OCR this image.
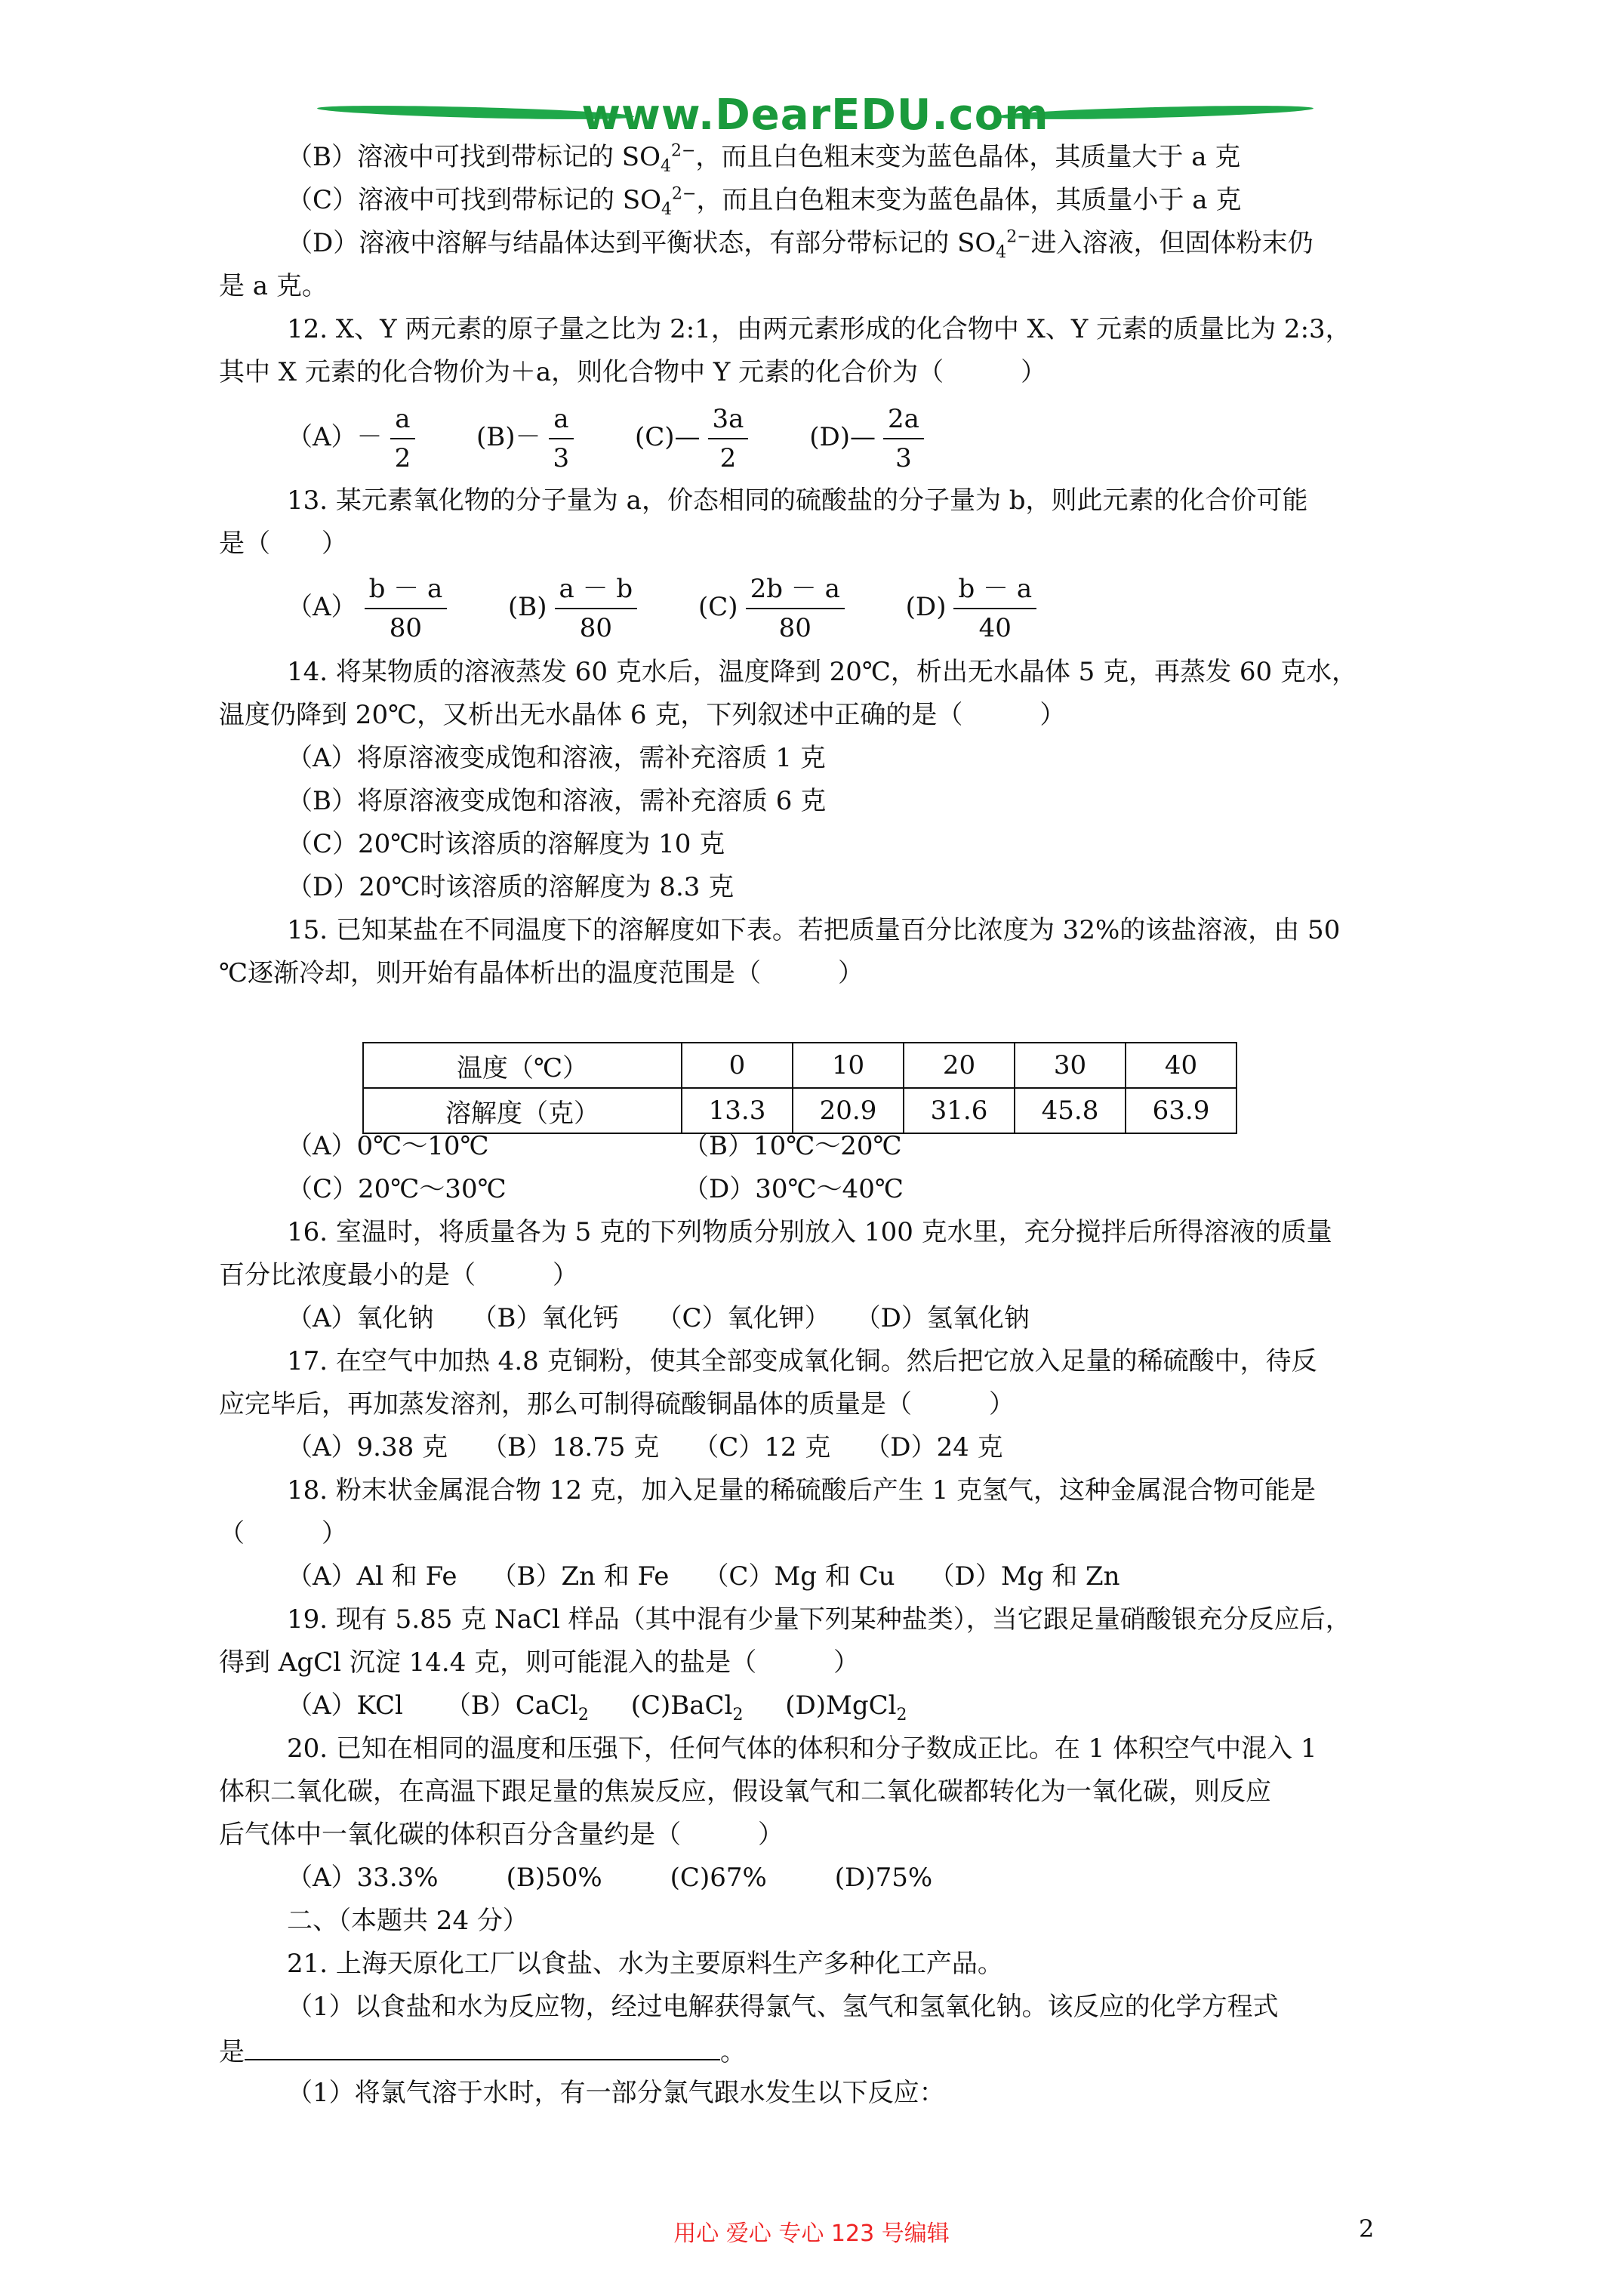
www.DearEDU.com
（B）溶液中可找到带标记的 $SO_4^{2-}$，而且白色粗末变为蓝色晶体，其质量大于 a 克
（C）溶液中可找到带标记的 $SO_4^{2-}$，而且白色粗末变为蓝色晶体，其质量小于 a 克
（D）溶液中溶解与结晶体达到平衡状态，有部分带标记的 $SO_4^{2-}$进入溶液，但固体粉末仍
是 a 克。
12. X、Y 两元素的原子量之比为 2:1，由两元素形成的化合物中 X、Y 元素的质量比为 2:3，
其中 X 元素的化合物价为＋a，则化合物中 Y 元素的化合价为（　　　）
$(A)- \frac{a}{2} (B)- \frac{a}{3}$ (C)— $\frac{3a}{2}$ (D)— $\frac{2a}{3}$
13. 某元素氧化物的分子量为 a，价态相同的硫酸盐的分子量为 b，则此元素的化合价可能
是（　　）
$(A) \frac{b - a}{80} (B) \frac{a - b}{80} (C) \frac{2b - a}{80} (D) \frac{b - a}{40}$
14. 将某物质的溶液蒸发 60 克水后，温度降到 20℃，析出无水晶体 5 克，再蒸发 60 克水，
温度仍降到 20℃，又析出无水晶体 6 克，下列叙述中正确的是（　　　）
（A）将原溶液变成饱和溶液，需补充溶质 1 克
（B）将原溶液变成饱和溶液，需补充溶质 6 克
（C）20℃时该溶质的溶解度为 10 克
（D）20℃时该溶质的溶解度为 8.3 克
15. 已知某盐在不同温度下的溶解度如下表。若把质量百分比浓度为 32%的该盐溶液，由 50
℃逐渐冷却，则开始有晶体析出的温度范围是（　　　）
（A）0℃～10℃	（B）10℃～20℃
（C）20℃～30℃	（D）30℃～40℃
16. 室温时，将质量各为 5 克的下列物质分别放入 100 克水里，充分搅拌后所得溶液的质量
百分比浓度最小的是（　　　）
（A）氧化钠 （B）氧化钙 （C）氧化钾） （D）氢氧化钠
17. 在空气中加热 4.8 克铜粉，使其全部变成氧化铜。然后把它放入足量的稀硫酸中，待反
应完毕后，再加蒸发溶剂，那么可制得硫酸铜晶体的质量是（　　　）
（A）9.38 克 （B）18.75 克 （C）12 克 （D）24 克
18. 粉末状金属混合物 12 克，加入足量的稀硫酸后产生 1 克氢气，这种金属混合物可能是
（　　　）
（A）Al 和 Fe （B）Zn 和 Fe （C）Mg 和 Cu （D）Mg 和 Zn
19. 现有 5.85 克 NaCl 样品（其中混有少量下列某种盐类），当它跟足量硝酸银充分反应后，
得到 AgCl 沉淀 14.4 克，则可能混入的盐是（　　　）
（A）KCl （B）CaCl$_2$ (C)BaCl$_2$ (D)MgCl$_2$
20. 已知在相同的温度和压强下，任何气体的体积和分子数成正比。在 1 体积空气中混入 1
体积二氧化碳，在高温下跟足量的焦炭反应，假设氧气和二氧化碳都转化为一氧化碳，则反应
后气体中一氧化碳的体积百分含量约是（　　　）
（A）33.3%	(B)50%	(C)67%	(D)75%
二、（本题共 24 分）
21. 上海天原化工厂以食盐、水为主要原料生产多种化工产品。
（1）以食盐和水为反应物，经过电解获得氯气、氢气和氢氧化钠。该反应的化学方程式
是	。
（1）将氯气溶于水时，有一部分氯气跟水发生以下反应：
温度（℃）	0	10	20	30	40
溶解度（克）	13.3	20.9	31.6	45.8	63.9
用心 爱心 专心 123 号编辑	2
